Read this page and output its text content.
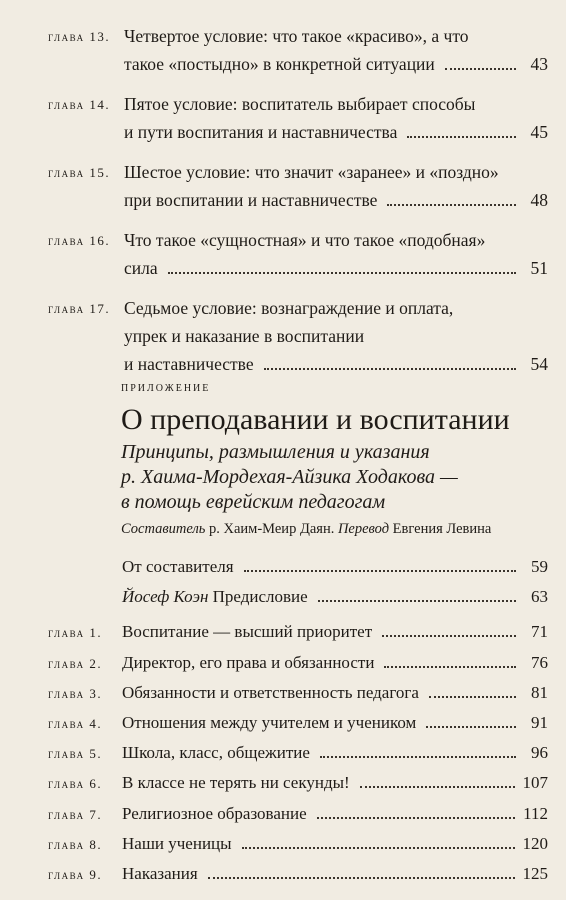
глава 13. Четвертое условие: что такое «красиво», а что
такое «постыдно» в конкретной ситуации	43
глава 14. Пятое условие: воспитатель выбирает способы
и пути воспитания и наставничества	45
глава 15. Шестое условие: что значит «заранее» и «поздно»
при воспитании и наставничестве	48
глава 16. Что такое «сущностная» и что такое «подобная»
сила	51
глава 17. Седьмое условие: вознаграждение и оплата,
упрек и наказание в воспитании
и наставничестве	54
приложение
О преподавании и воспитании
Принципы, размышления и указания
р. Хаима-Мордехая-Айзика Ходакова —
в помощь еврейским педагогам
Составитель р. Хаим-Меир Даян. Перевод Евгения Левина
От составителя	59
Йосеф Коэн Предисловие	63
глава 1.	Воспитание — высший приоритет	71
глава 2.	Директор, его права и обязанности	76
глава 3.	Обязанности и ответственность педагога	81
глава 4.	Отношения между учителем и учеником	91
глава 5.	Школа, класс, общежитие	96
глава 6.	В классе не терять ни секунды!	107
глава 7.	Религиозное образование	112
глава 8.	Наши ученицы	120
глава 9.	Наказания	125
